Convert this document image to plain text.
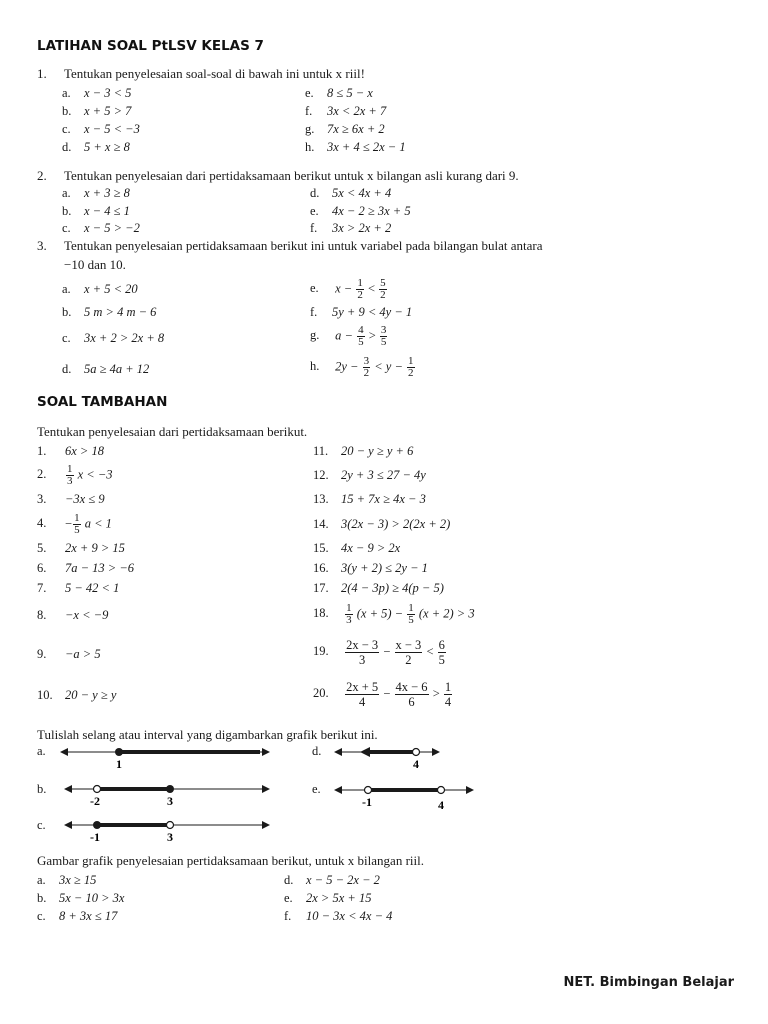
LATIHAN SOAL PtLSV KELAS 7
1. Tentukan penyelesaian soal-soal di bawah ini untuk x riil!
a. x − 3 < 5
b. x + 5 > 7
c. x − 5 < −3
d. 5 + x ≥ 8
e. 8 ≤ 5 − x
f. 3x < 2x + 7
g. 7x ≥ 6x + 2
h. 3x + 4 ≤ 2x − 1
2. Tentukan penyelesaian dari pertidaksamaan berikut untuk x bilangan asli kurang dari 9.
a. x + 3 ≥ 8
b. x − 4 ≤ 1
c. x − 5 > −2
d. 5x < 4x + 4
e. 4x − 2 ≥ 3x + 5
f. 3x > 2x + 2
3. Tentukan penyelesaian pertidaksamaan berikut ini untuk variabel pada bilangan bulat antara
−10 dan 10.
a. x + 5 < 20
b. 5 m > 4 m − 6
c. 3x + 2 > 2x + 8
d. 5a ≥ 4a + 12
e. $x - \frac{1}{2} < \frac{5}{2}$
f. 5y + 9 < 4y − 1
g. $a - \frac{4}{5} > \frac{3}{5}$
h. $2y - \frac{3}{2} < y - \frac{1}{2}$
SOAL TAMBAHAN
Tentukan penyelesaian dari pertidaksamaan berikut.
1. 6x > 18
2. $\frac{1}{3}$ x < −3
3. −3x ≤ 9
4. − $\frac{1}{5}$ a < 1
5. 2x + 9 > 15
6. 7a − 13 > −6
7. 5 − 42 < 1
8. −x < −9
9. −a > 5
10. 20 − y ≥ y
11. 20 − y ≥ y + 6
12. 2y + 3 ≤ 27 − 4y
13. 15 + 7x ≥ 4x − 3
14. 3(2x − 3) > 2(2x + 2)
15. 4x − 9 > 2x
16. 3(y + 2) ≤ 2y − 1
17. 2(4 − 3p) ≥ 4(p − 5)
18. $\frac{1}{3} (x + 5) - \frac{1}{5} (x + 2) > 3$
19. $\frac{2x - 3}{3} - \frac{x - 3}{2} < \frac{6}{5}$
20. $\frac{2x + 5}{4} - \frac{4x - 6}{6} > \frac{1}{4}$
Tulislah selang atau interval yang digambarkan grafik berikut ini.
a.
1
b.
-2	3
c.
-1	3
d.
4
e.
-1	4
Gambar grafik penyelesaian pertidaksamaan berikut, untuk x bilangan riil.
a. 3x ≥ 15
b. 5x − 10 > 3x
c. 8 + 3x ≤ 17
d. x − 5 − 2x − 2
e. 2x > 5x + 15
f. 10 − 3x < 4x − 4
NET. Bimbingan Belajar
